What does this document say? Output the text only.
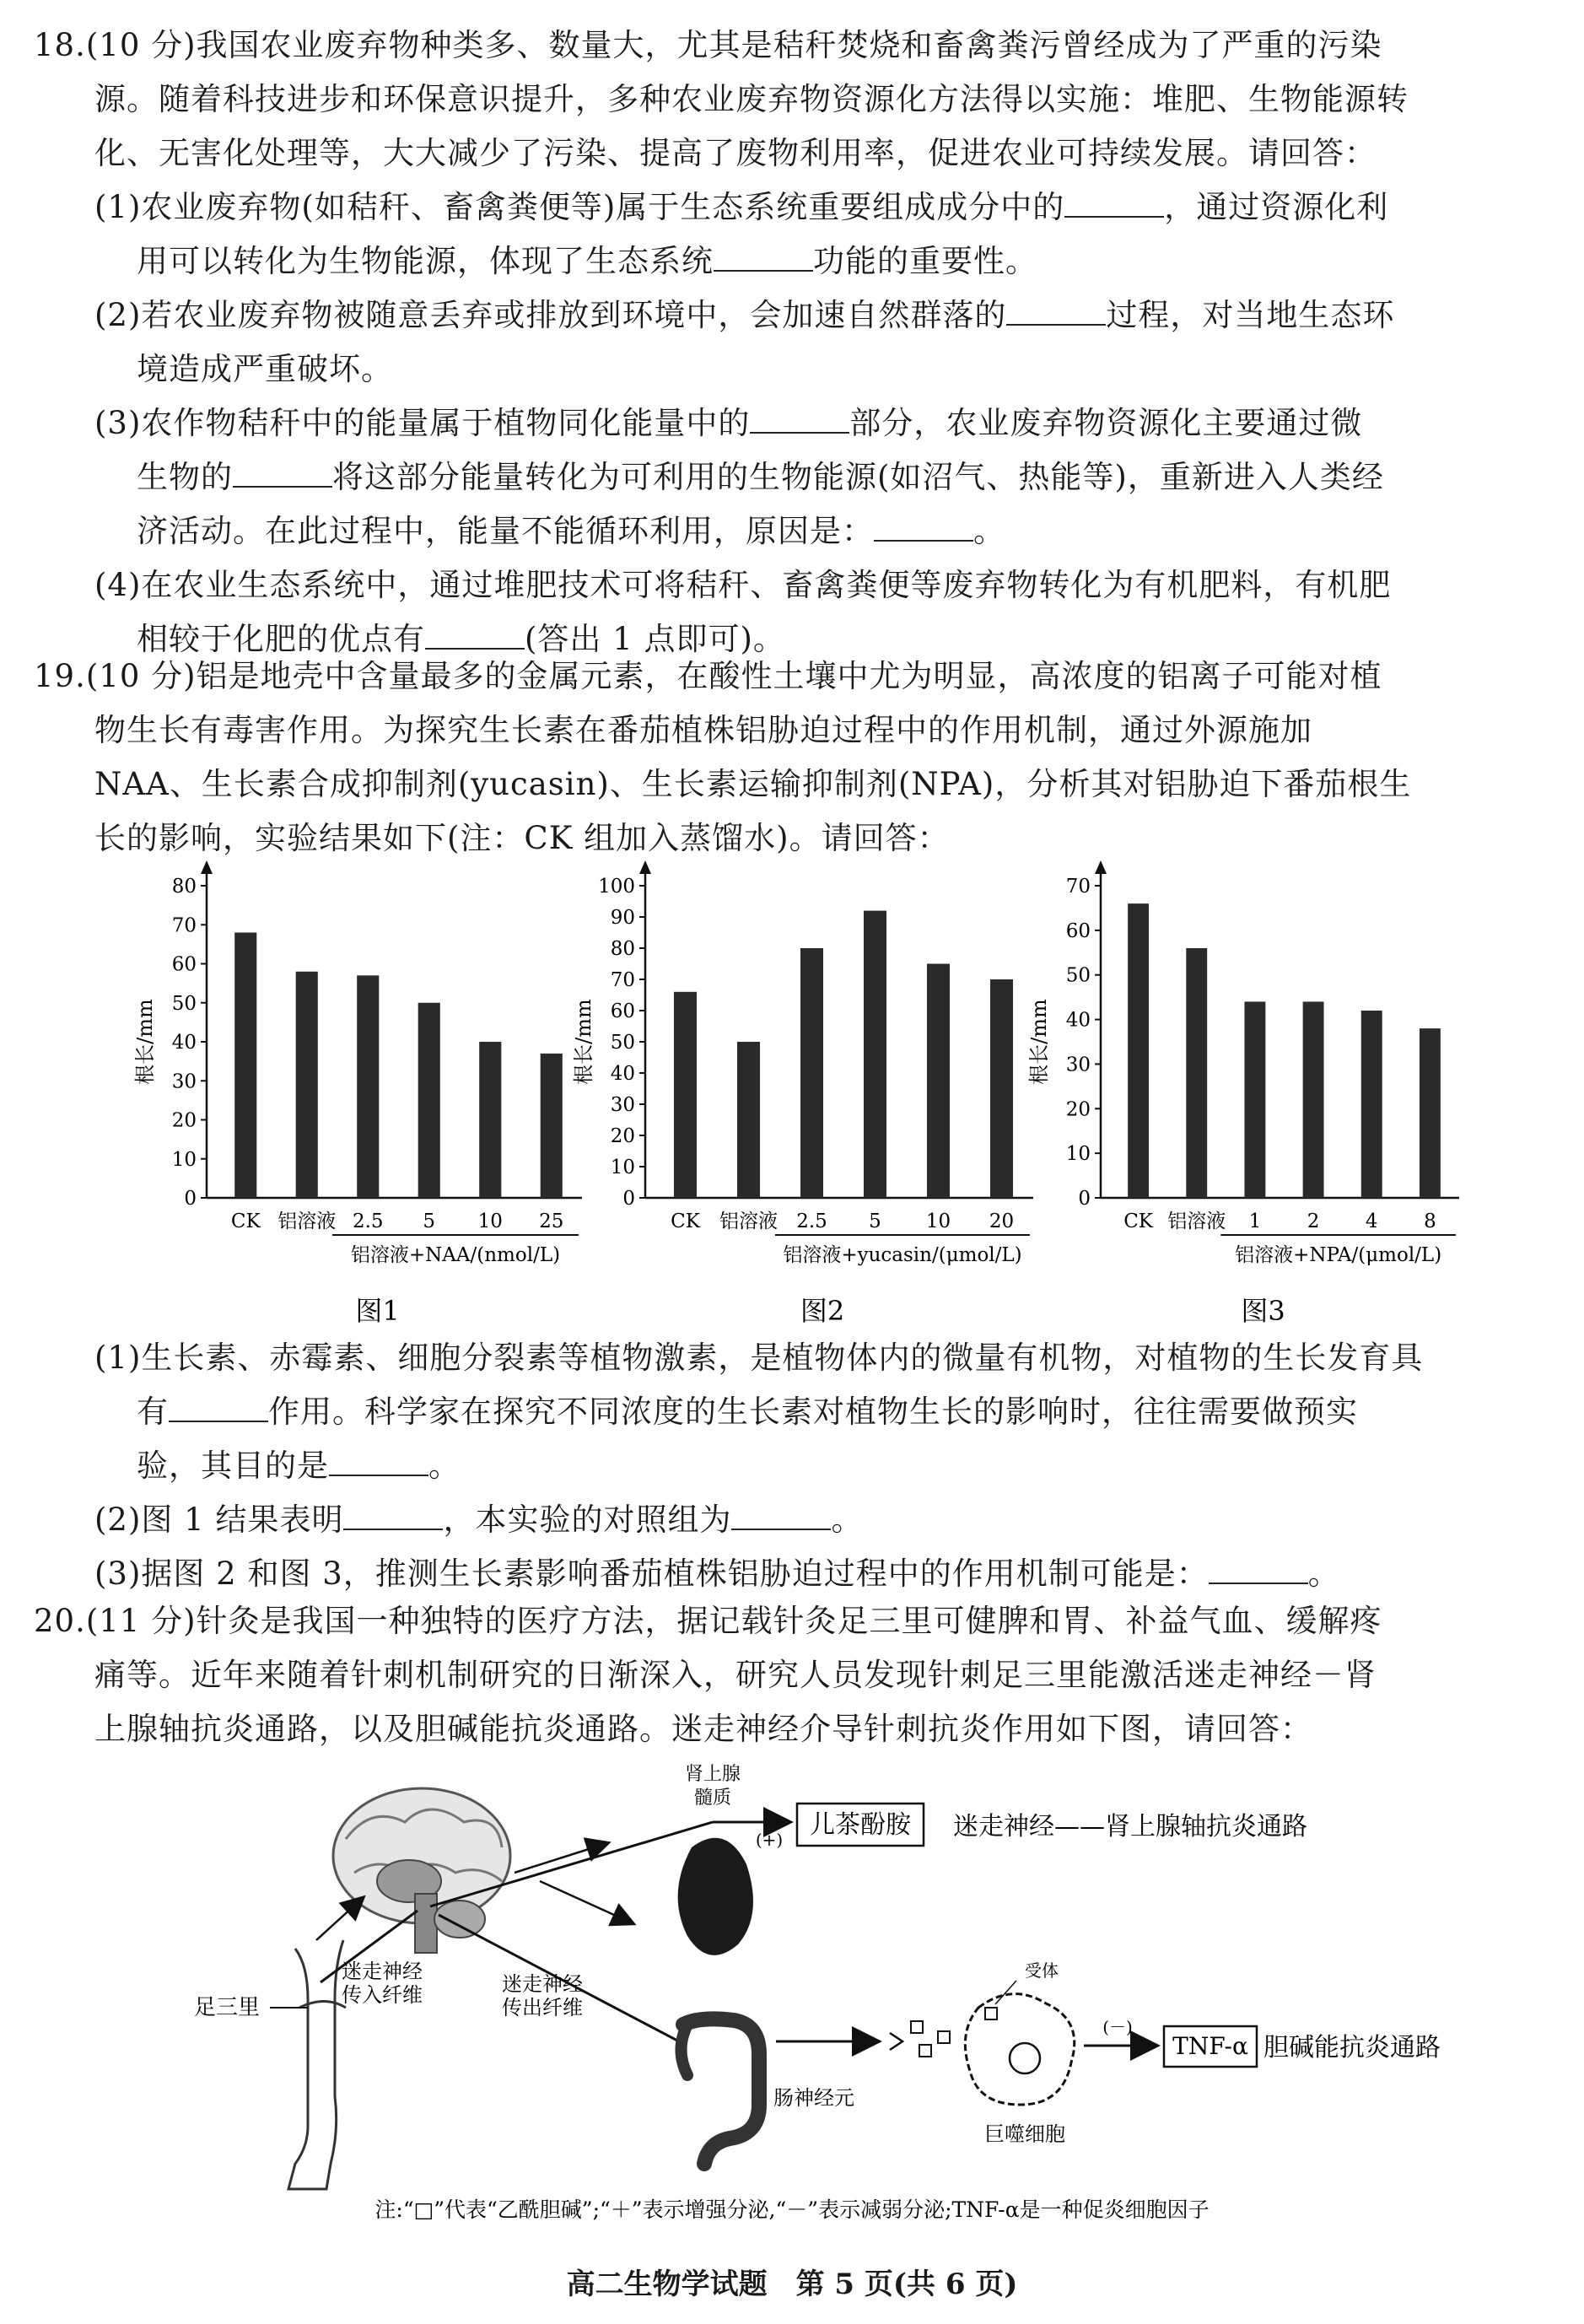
18.(10 分)我国农业废弃物种类多、数量大，尤其是秸秆焚烧和畜禽粪污曾经成为了严重的污染
源。随着科技进步和环保意识提升，多种农业废弃物资源化方法得以实施：堆肥、生物能源转
化、无害化处理等，大大减少了污染、提高了废物利用率，促进农业可持续发展。请回答：
(1)农业废弃物(如秸秆、畜禽粪便等)属于生态系统重要组成成分中的	，通过资源化利
用可以转化为生物能源，体现了生态系统	功能的重要性。
(2)若农业废弃物被随意丢弃或排放到环境中，会加速自然群落的	过程，对当地生态环
境造成严重破坏。
(3)农作物秸秆中的能量属于植物同化能量中的	部分，农业废弃物资源化主要通过微
生物的	将这部分能量转化为可利用的生物能源(如沼气、热能等)，重新进入人类经
济活动。在此过程中，能量不能循环利用，原因是：	。
(4)在农业生态系统中，通过堆肥技术可将秸秆、畜禽粪便等废弃物转化为有机肥料，有机肥
相较于化肥的优点有	(答出 1 点即可)。
19.(10 分)铝是地壳中含量最多的金属元素，在酸性土壤中尤为明显，高浓度的铝离子可能对植
物生长有毒害作用。为探究生长素在番茄植株铝胁迫过程中的作用机制，通过外源施加
NAA、生长素合成抑制剂(yucasin)、生长素运输抑制剂(NPA)，分析其对铝胁迫下番茄根生
长的影响，实验结果如下(注：CK 组加入蒸馏水)。请回答：
0
10
20
30
40
50
60
70
80
根长/mm
CK 铝溶液 2.5 5 10 25
铝溶液+NAA/(nmol/L)
图1
0
10
20
30
40
50
60
70
80
90
100
根长/mm
CK 铝溶液 2.5 5 10 20
铝溶液+yucasin/(μmol/L)
图2
0
10
20
30
40
50
60
70
根长/mm
CK 铝溶液 1 2 4 8
铝溶液+NPA/(μmol/L)
图3
(1)生长素、赤霉素、细胞分裂素等植物激素，是植物体内的微量有机物，对植物的生长发育具
有	作用。科学家在探究不同浓度的生长素对植物生长的影响时，往往需要做预实
验，其目的是	。
(2)图 1 结果表明	，本实验的对照组为	。
(3)据图 2 和图 3，推测生长素影响番茄植株铝胁迫过程中的作用机制可能是：	。
20.(11 分)针灸是我国一种独特的医疗方法，据记载针灸足三里可健脾和胃、补益气血、缓解疼
痛等。近年来随着针刺机制研究的日渐深入，研究人员发现针刺足三里能激活迷走神经－肾
上腺轴抗炎通路，以及胆碱能抗炎通路。迷走神经介导针刺抗炎作用如下图，请回答：
肾上腺
髓质
(+) 儿茶酚胺 迷走神经——肾上腺轴抗炎通路
足三里
迷走神经
传入纤维	迷走神经
传出纤维
肠神经元
受体
巨噬细胞
(－)
TNF-α 胆碱能抗炎通路
注:“□”代表“乙酰胆碱”;“＋”表示增强分泌,“－”表示减弱分泌;TNF-α是一种促炎细胞因子
高二生物学试题　第 5 页(共 6 页)
